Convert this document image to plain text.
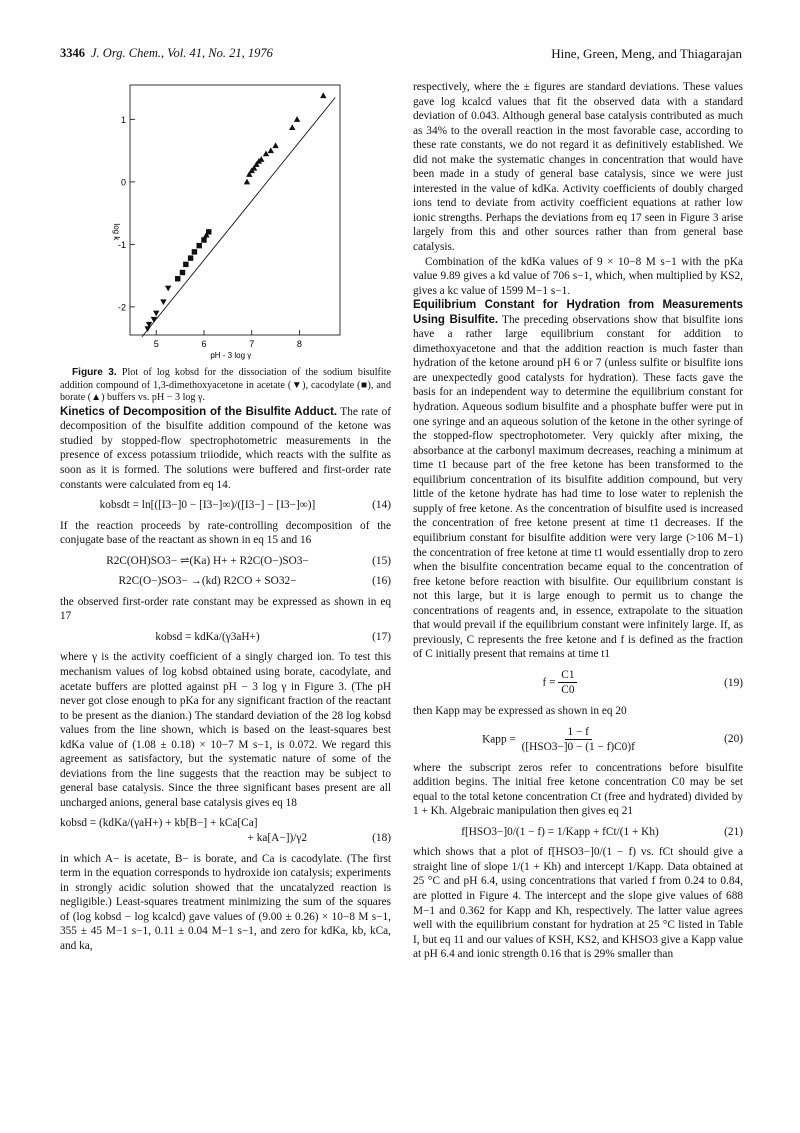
3346 J. Org. Chem., Vol. 41, No. 21, 1976	Hine, Green, Meng, and Thiagarajan
1
0
-1
-2
5	6	7	8
log k
pH - 3 log γ

Figure 3. Plot of log kobsd for the dissociation of the sodium bisulfite addition compound of 1,3-dimethoxyacetone in acetate (▼), cacodylate (■), and borate (▲) buffers vs. pH − 3 log γ.

Kinetics of Decomposition of the Bisulfite Adduct. The rate of decomposition of the bisulfite addition compound of the ketone was studied by stopped-flow spectrophotometric measurements in the presence of excess potassium triiodide, which reacts with the sulfite as soon as it is formed. The solutions were buffered and first-order rate constants were calculated from eq 14.

kobsdt = ln[([I3−]0 − [I3−]∞)/([I3−] − [I3−]∞)]	(14)

If the reaction proceeds by rate-controlling decomposition of the conjugate base of the reactant as shown in eq 15 and 16

R2C(OH)SO3− ⇌(Ka) H+ + R2C(O−)SO3−	(15)
R2C(O−)SO3− →(kd) R2CO + SO32−	(16)

the observed first-order rate constant may be expressed as shown in eq 17

kobsd = kdKa/(γ3aH+)	(17)

where γ is the activity coefficient of a singly charged ion. To test this mechanism values of log kobsd obtained using borate, cacodylate, and acetate buffers are plotted against pH − 3 log γ in Figure 3. (The pH never got close enough to pKa for any significant fraction of the reactant to be present as the dianion.) The standard deviation of the 28 log kobsd values from the line shown, which is based on the least-squares best kdKa value of (1.08 ± 0.18) × 10−7 M s−1, is 0.072. We regard this agreement as satisfactory, but the systematic nature of some of the deviations from the line suggests that the reaction may be subject to general base catalysis. Since the three significant bases present are all uncharged anions, general base catalysis gives eq 18

kobsd = (kdKa/(γaH+) + kb[B−] + kCa[Ca]
+ ka[A−])/γ2	(18)

in which A− is acetate, B− is borate, and Ca is cacodylate. (The first term in the equation corresponds to hydroxide ion catalysis; experiments in strongly acidic solution showed that the uncatalyzed reaction is negligible.) Least-squares treatment minimizing the sum of the squares of (log kobsd − log kcalcd) gave values of (9.00 ± 0.26) × 10−8 M s−1, 355 ± 45 M−1 s−1, 0.11 ± 0.04 M−1 s−1, and zero for kdKa, kb, kCa, and ka,

respectively, where the ± figures are standard deviations. These values gave log kcalcd values that fit the observed data with a standard deviation of 0.043. Although general base catalysis contributed as much as 34% to the overall reaction in the most favorable case, according to these rate constants, we do not regard it as definitively established. We did not make the systematic changes in concentration that would have been made in a study of general base catalysis, since we were just interested in the value of kdKa. Activity coefficients of doubly charged ions tend to deviate from activity coefficient equations at rather low ionic strengths. Perhaps the deviations from eq 17 seen in Figure 3 arise largely from this and other sources rather than from general base catalysis.

Combination of the kdKa values of 9 × 10−8 M s−1 with the pKa value 9.89 gives a kd value of 706 s−1, which, when multiplied by KS2, gives a kc value of 1599 M−1 s−1.

Equilibrium Constant for Hydration from Measurements Using Bisulfite. The preceding observations show that bisulfite ions have a rather large equilibrium constant for addition to dimethoxyacetone and that the addition reaction is much faster than hydration of the ketone around pH 6 or 7 (unless sulfite or bisulfite ions are unexpectedly good catalysts for hydration). These facts gave the basis for an independent way to determine the equilibrium constant for hydration. Aqueous sodium bisulfite and a phosphate buffer were put in one syringe and an aqueous solution of the ketone in the other syringe of the stopped-flow spectrophotometer. Very quickly after mixing, the absorbance at the carbonyl maximum decreases, reaching a minimum at time t1 because part of the free ketone has been transformed to the equilibrium concentration of its bisulfite addition compound, but very little of the ketone hydrate has had time to lose water to replenish the supply of free ketone. As the concentration of bisulfite used is increased the concentration of free ketone present at time t1 decreases. If the equilibrium constant for bisulfite addition were very large (>106 M−1) the concentration of free ketone at time t1 would essentially drop to zero when the bisulfite concentration became equal to the concentration of free ketone before reaction with bisulfite. Our equilibrium constant is not this large, but it is large enough to permit us to change the concentrations of reagents and, in essence, extrapolate to the situation that would prevail if the equilibrium constant were infinitely large. If, as previously, C represents the free ketone and f is defined as the fraction of C initially present that remains at time t1

$f = \frac{C1}{C0}$	(19)

then Kapp may be expressed as shown in eq 20

Kapp = $\frac{1 - f}{\text{([HSO3−]0 − (1 − f)C0)f}}$	(20)

where the subscript zeros refer to concentrations before bisulfite addition begins. The initial free ketone concentration C0 may be set equal to the total ketone concentration Ct (free and hydrated) divided by 1 + Kh. Algebraic manipulation then gives eq 21

f[HSO3−]0/(1 − f) = 1/Kapp + fCt/(1 + Kh)	(21)

which shows that a plot of f[HSO3−]0/(1 − f) vs. fCt should give a straight line of slope 1/(1 + Kh) and intercept 1/Kapp. Data obtained at 25 °C and pH 6.4, using concentrations that varied f from 0.24 to 0.84, are plotted in Figure 4. The intercept and the slope give values of 688 M−1 and 0.362 for Kapp and Kh, respectively. The latter value agrees well with the equilibrium constant for hydration at 25 °C listed in Table I, but eq 11 and our values of KSH, KS2, and KHSO3 give a Kapp value at pH 6.4 and ionic strength 0.16 that is 29% smaller than
